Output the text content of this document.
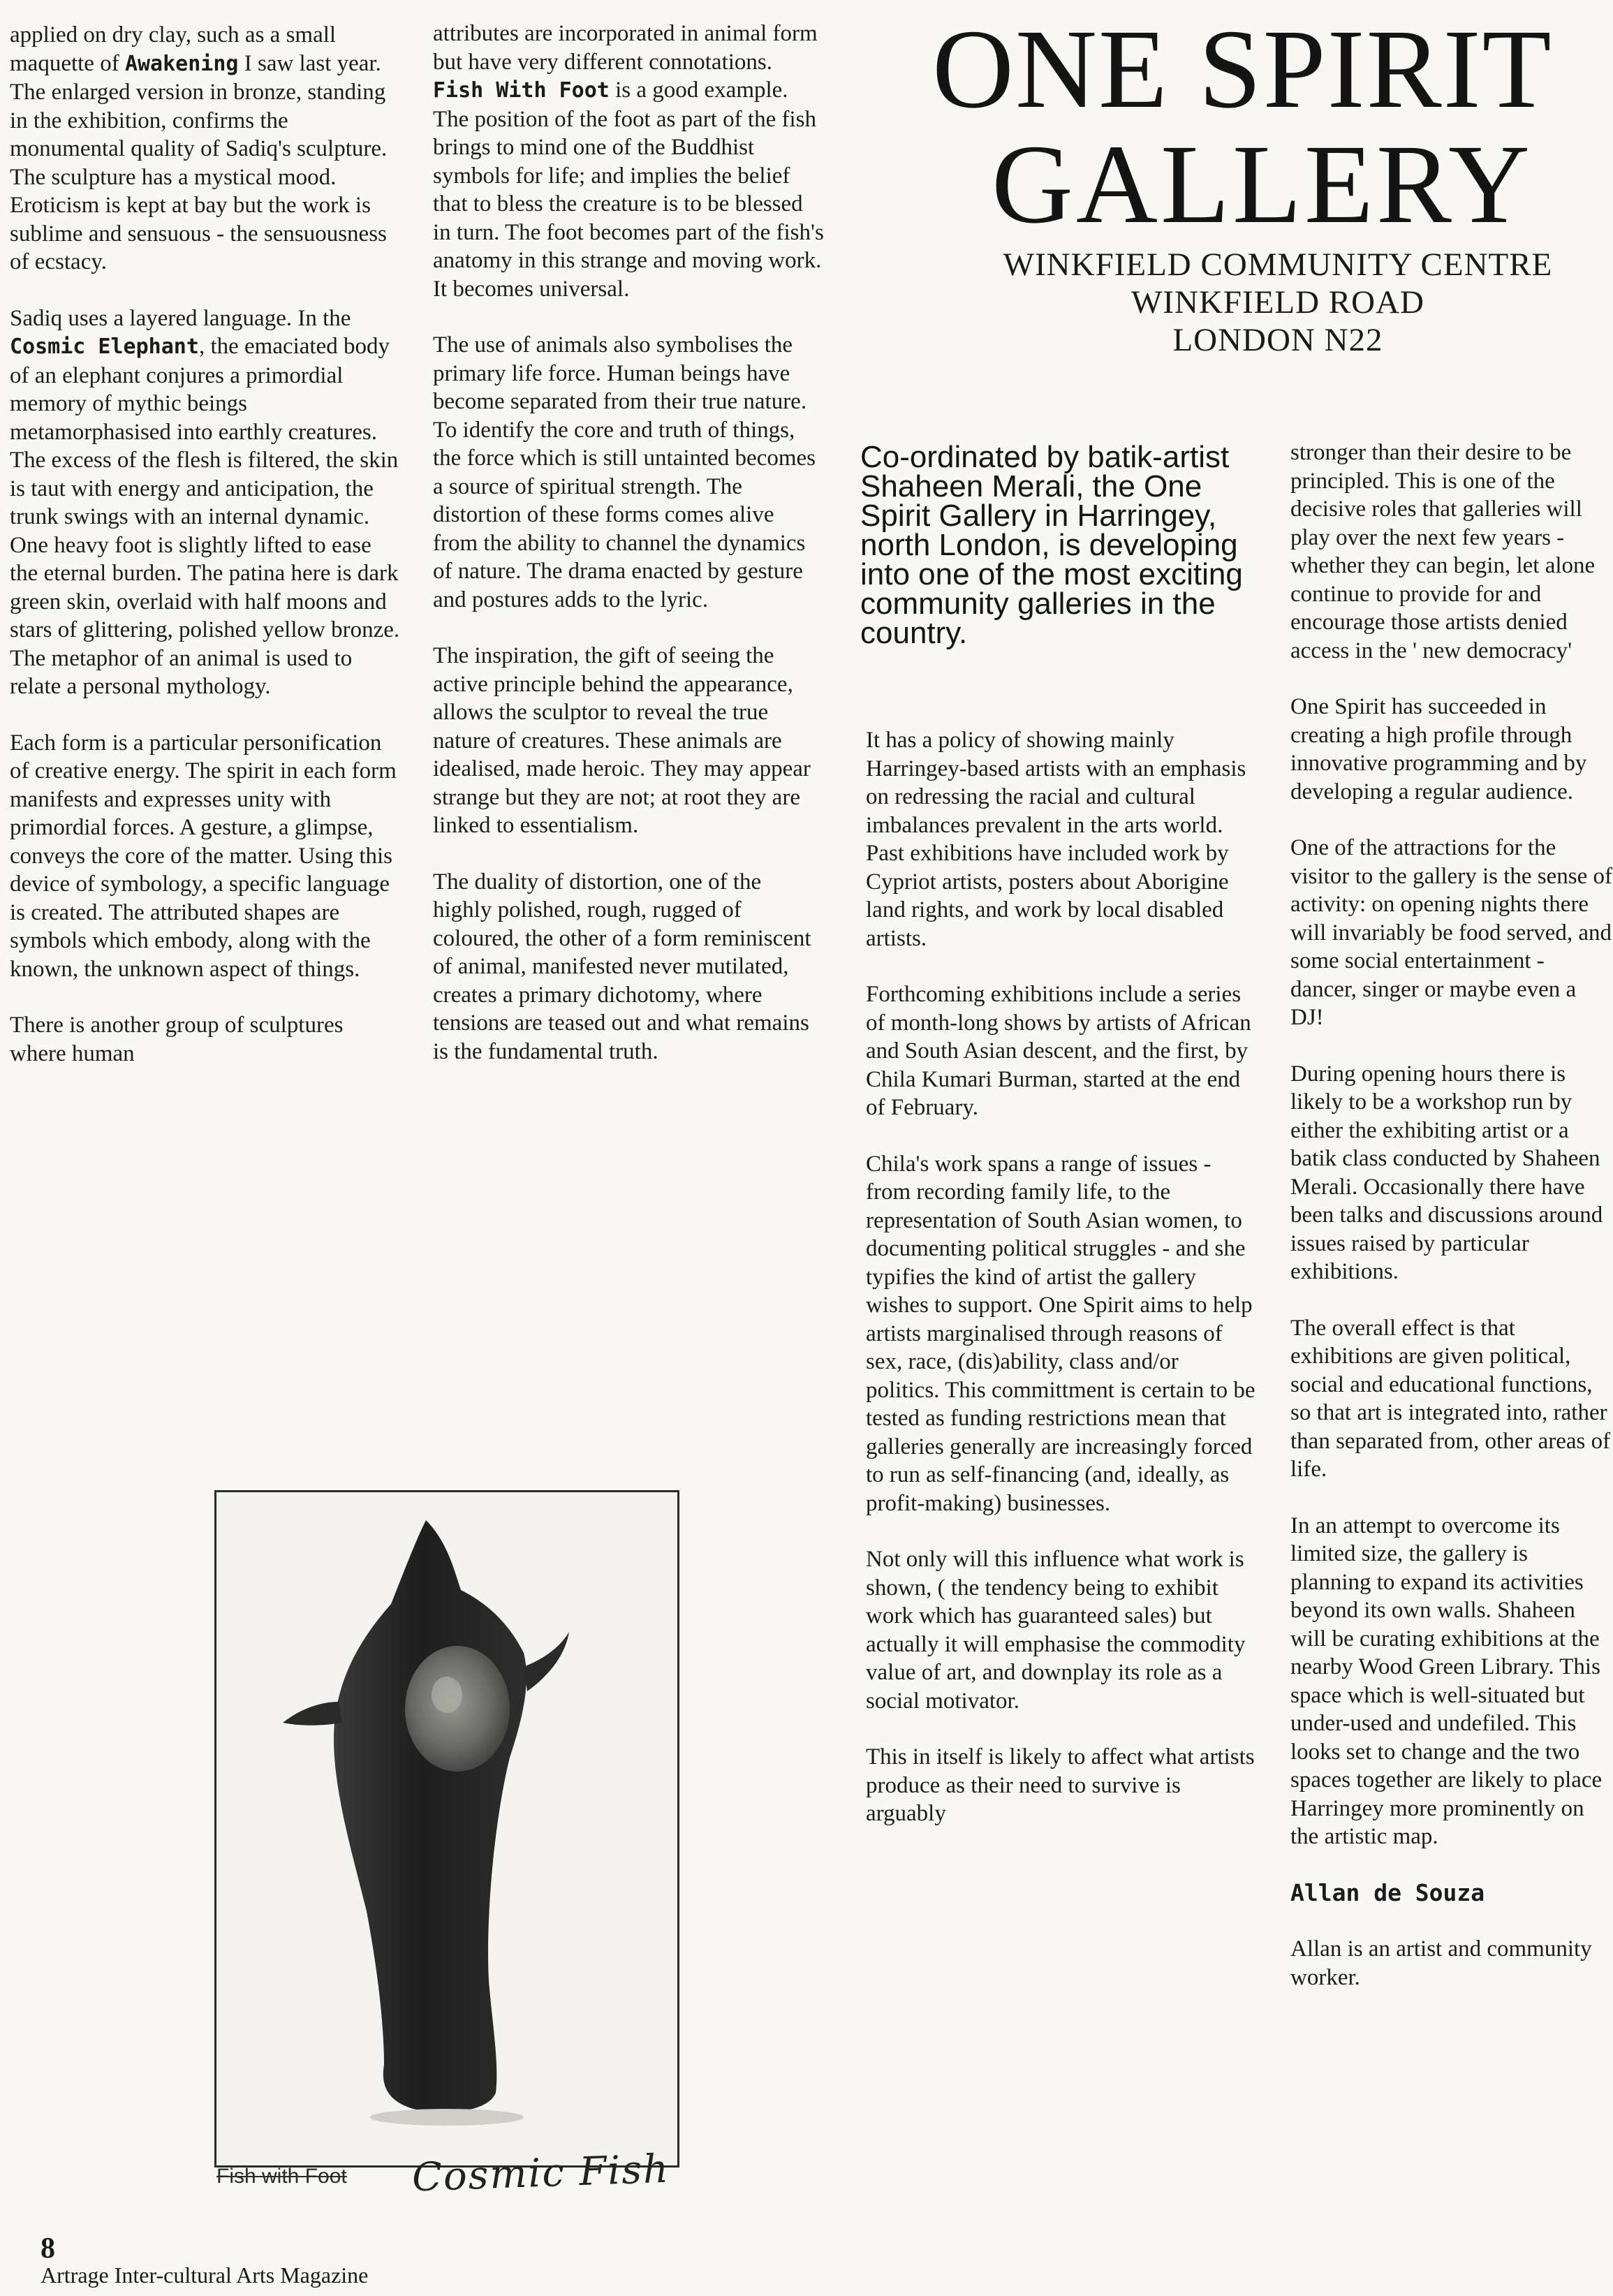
applied on dry clay, such as a small maquette of Awakening I saw last year. The enlarged version in bronze, standing in the exhibition, confirms the monumental quality of Sadiq's sculpture. The sculpture has a mystical mood. Eroticism is kept at bay but the work is sublime and sensuous - the sensuousness of ecstacy.

Sadiq uses a layered language. In the Cosmic Elephant, the emaciated body of an elephant conjures a primordial memory of mythic beings metamorphasised into earthly creatures. The excess of the flesh is filtered, the skin is taut with energy and anticipation, the trunk swings with an internal dynamic. One heavy foot is slightly lifted to ease the eternal burden. The patina here is dark green skin, overlaid with half moons and stars of glittering, polished yellow bronze. The metaphor of an animal is used to relate a personal mythology.

Each form is a particular personification of creative energy. The spirit in each form manifests and expresses unity with primordial forces. A gesture, a glimpse, conveys the core of the matter. Using this device of symbology, a specific language is created. The attributed shapes are symbols which embody, along with the known, the unknown aspect of things.

There is another group of sculptures where human

attributes are incorporated in animal form but have very different connotations. Fish With Foot is a good example. The position of the foot as part of the fish brings to mind one of the Buddhist symbols for life; and implies the belief that to bless the creature is to be blessed in turn. The foot becomes part of the fish's anatomy in this strange and moving work. It becomes universal.

The use of animals also symbolises the primary life force. Human beings have become separated from their true nature. To identify the core and truth of things, the force which is still untainted becomes a source of spiritual strength. The distortion of these forms comes alive from the ability to channel the dynamics of nature. The drama enacted by gesture and postures adds to the lyric.

The inspiration, the gift of seeing the active principle behind the appearance, allows the sculptor to reveal the true nature of creatures. These animals are idealised, made heroic. They may appear strange but they are not; at root they are linked to essentialism.

The duality of distortion, one of the highly polished, rough, rugged of coloured, the other of a form reminiscent of animal, manifested never mutilated, creates a primary dichotomy, where tensions are teased out and what remains is the fundamental truth.

ONE SPIRIT
GALLERY
WINKFIELD COMMUNITY CENTRE
WINKFIELD ROAD
LONDON N22
Co-ordinated by batik-artist Shaheen Merali, the One Spirit Gallery in Harringey, north London, is developing into one of the most exciting community galleries in the country.

It has a policy of showing mainly Harringey-based artists with an emphasis on redressing the racial and cultural imbalances prevalent in the arts world. Past exhibitions have included work by Cypriot artists, posters about Aborigine land rights, and work by local disabled artists.

Forthcoming exhibitions include a series of month-long shows by artists of African and South Asian descent, and the first, by Chila Kumari Burman, started at the end of February.

Chila's work spans a range of issues - from recording family life, to the representation of South Asian women, to documenting political struggles - and she typifies the kind of artist the gallery wishes to support. One Spirit aims to help artists marginalised through reasons of sex, race, (dis)ability, class and/or politics. This committment is certain to be tested as funding restrictions mean that galleries generally are increasingly forced to run as self-financing (and, ideally, as profit-making) businesses.

Not only will this influence what work is shown, ( the tendency being to exhibit work which has guaranteed sales) but actually it will emphasise the commodity value of art, and downplay its role as a social motivator.

This in itself is likely to affect what artists produce as their need to survive is arguably

stronger than their desire to be principled. This is one of the decisive roles that galleries will play over the next few years - whether they can begin, let alone continue to provide for and encourage those artists denied access in the ' new democracy'

One Spirit has succeeded in creating a high profile through innovative programming and by developing a regular audience.

One of the attractions for the visitor to the gallery is the sense of activity: on opening nights there will invariably be food served, and some social entertainment - dancer, singer or maybe even a DJ!

During opening hours there is likely to be a workshop run by either the exhibiting artist or a batik class conducted by Shaheen Merali. Occasionally there have been talks and discussions around issues raised by particular exhibitions.

The overall effect is that exhibitions are given political, social and educational functions, so that art is integrated into, rather than separated from, other areas of life.

In an attempt to overcome its limited size, the gallery is planning to expand its activities beyond its own walls. Shaheen will be curating exhibitions at the nearby Wood Green Library. This space which is well-situated but under-used and undefiled. This looks set to change and the two spaces together are likely to place Harringey more prominently on the artistic map.

Allan de Souza

Allan is an artist and community worker.

Fish with Foot Cosmic Fish
8
Artrage Inter-cultural Arts Magazine
